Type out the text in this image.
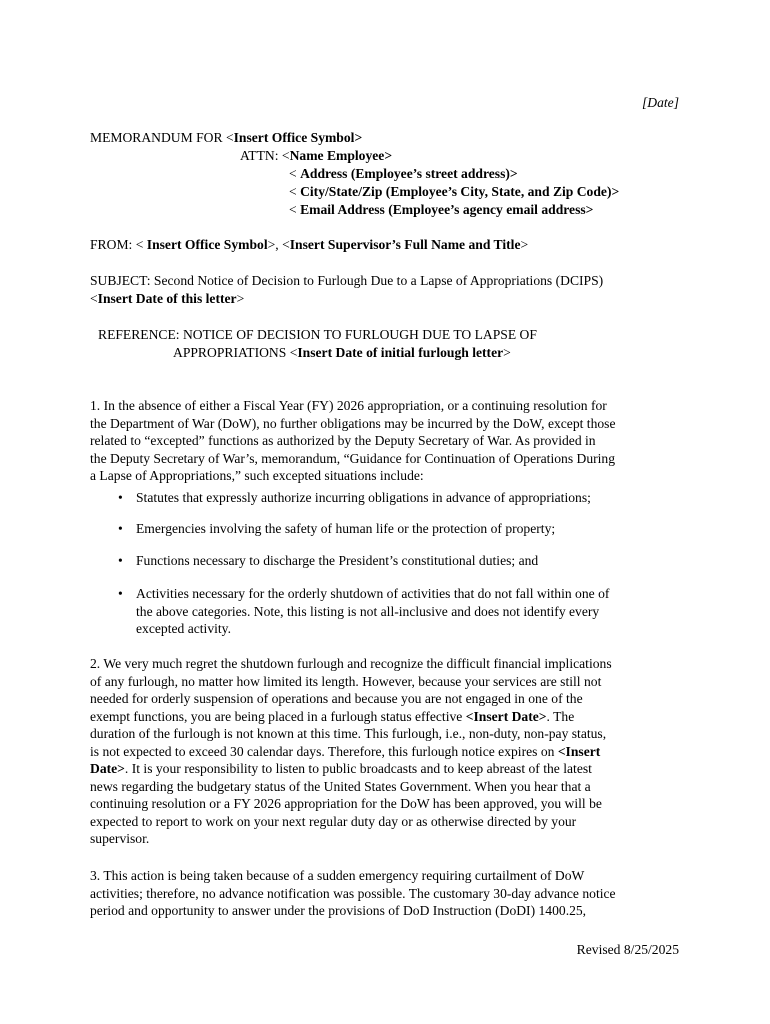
[Date]
MEMORANDUM FOR <Insert Office Symbol>
ATTN: <Name Employee>
< Address (Employee’s street address)>
< City/State/Zip (Employee’s City, State, and Zip Code)>
< Email Address (Employee’s agency email address>
FROM: < Insert Office Symbol>, <Insert Supervisor’s Full Name and Title>
SUBJECT: Second Notice of Decision to Furlough Due to a Lapse of Appropriations (DCIPS)
<Insert Date of this letter>
REFERENCE: NOTICE OF DECISION TO FURLOUGH DUE TO LAPSE OF
APPROPRIATIONS <Insert Date of initial furlough letter>
1. In the absence of either a Fiscal Year (FY) 2026 appropriation, or a continuing resolution for
the Department of War (DoW), no further obligations may be incurred by the DoW, except those
related to “excepted” functions as authorized by the Deputy Secretary of War. As provided in
the Deputy Secretary of War’s, memorandum, “Guidance for Continuation of Operations During
a Lapse of Appropriations,” such excepted situations include:
• Statutes that expressly authorize incurring obligations in advance of appropriations;
• Emergencies involving the safety of human life or the protection of property;
• Functions necessary to discharge the President’s constitutional duties; and
• Activities necessary for the orderly shutdown of activities that do not fall within one of
the above categories. Note, this listing is not all-inclusive and does not identify every
excepted activity.
2. We very much regret the shutdown furlough and recognize the difficult financial implications
of any furlough, no matter how limited its length. However, because your services are still not
needed for orderly suspension of operations and because you are not engaged in one of the
exempt functions, you are being placed in a furlough status effective <Insert Date>. The
duration of the furlough is not known at this time. This furlough, i.e., non-duty, non-pay status,
is not expected to exceed 30 calendar days. Therefore, this furlough notice expires on <Insert
Date>. It is your responsibility to listen to public broadcasts and to keep abreast of the latest
news regarding the budgetary status of the United States Government. When you hear that a
continuing resolution or a FY 2026 appropriation for the DoW has been approved, you will be
expected to report to work on your next regular duty day or as otherwise directed by your
supervisor.
3. This action is being taken because of a sudden emergency requiring curtailment of DoW
activities; therefore, no advance notification was possible. The customary 30-day advance notice
period and opportunity to answer under the provisions of DoD Instruction (DoDI) 1400.25,
Revised 8/25/2025
